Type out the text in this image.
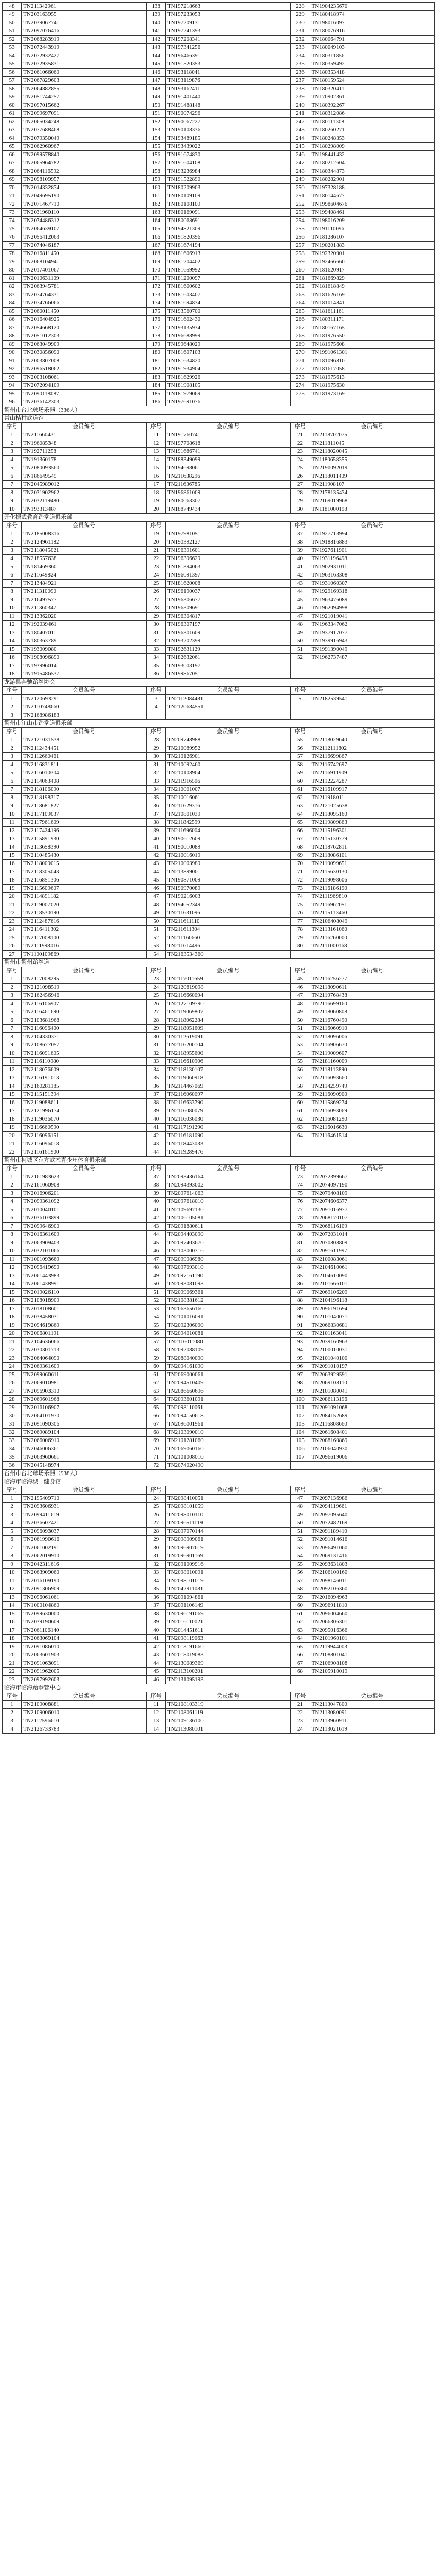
48	TN211342961	138	TN197218663	228	TN1904235670
49	TN203163955	139	TN197233053	229	TN180418974
50	TN2039067741	140	TN197209131	230	TN198016097
51	TN2097076416	141	TN197241393	231	TN180076916
52	TN2068283919	142	TN197208341	232	TN180064791
53	TN2072443919	143	TN197341256	233	TN180049103
54	TN2072932427	144	TN196466391	234	TN180311856
55	TN2072935831	145	TN191520353	235	TN180359492
56	TN2061066060	146	TN193118041	236	TN180353418
57	TN2067829603	147	TN193119876	237	TN180159524
58	TN2064882855	148	TN193162411	238	TN180320411
59	TN2051744257	149	TN191401440	239	TN170902361
60	TN2097015662	150	TN191488148	240	TN180392267
61	TN2099697091	151	TN190074296	241	TN180312086
62	TN2065034248	152	TN190067227	242	TN180111308
63	TN2077688468	153	TN190108336	243	TN180260271
64	TN2079350049	154	TN193489185	244	TN180248353
65	TN2062960967	155	TN193439022	245	TN180298009
66	TN2099578840	156	TN191674830	246	TN198441432
67	TN2065964782	157	TN191604108	247	TN180212604
68	TN2064116592	158	TN193236984	248	TN180344873
69	TN2098109957	159	TN191522890	249	TN180282901
70	TN2014332874	160	TN180209903	250	TN197328188
71	TN2049695190	161	TN180109109	251	TN180144677
72	TN2071467710	162	TN180108109	252	TN1998604676
73	TN2031960110	163	TN180169091	253	TN199408461
74	TN2074486312	164	TN180068691	254	TN198016209
75	TN2064639107	165	TN194821309	255	TN191110096
76	TN2056412063	166	TN191820396	256	TN181286107
77	TN2074046187	167	TN181674194	257	TN190201883
78	TN2016811450	168	TN181606913	258	TN192320901
79	TN2068104941	169	TN181204402	259	TN192466660
80	TN2017401067	170	TN181659992	260	TN181620917
81	TN2010631109	171	TN181200097	261	TN181669829
82	TN2063945781	172	TN181600602	262	TN181618849
83	TN2074764331	173	TN181603407	263	TN181626169
84	TN2074766066	174	TN181694834	264	TN181014841
85	TN2060011450	175	TN193560700	265	TN181611161
86	TN2016404925	176	TN191602430	266	TN180311171
87	TN2054668120	177	TN193135934	267	TN180167165
88	TN2051012303	178	TN196688999	268	TN181976550
89	TN2063049909	179	TN199648029	269	TN181975608
90	TN2030856090	180	TN181607103	270	TN1991061301
91	TN2003807008	181	TN181634820	271	TN181096810
92	TN2096518062	182	TN191934904	272	TN181617058
93	TN2003108061	183	TN181629926	273	TN181975613
94	TN2072094109	184	TN181908105	274	TN181975630
95	TN2090118087	185	TN181979069	275	TN181973169
96	TN2036142303	186	TN197691076		
衢州市台北球场乐器（336人）					
常山桔柑武道馆					
序号	会员编号	序号	会员编号	序号	会员编号
1	TN211660431	11	TN191760741	21	TN2118702075
2	TN196085348	12	TN197708618	22	TN211811045
3	TN192711258	13	TN191686741	23	TN2118020045
4	TN191360178	14	TN188349099	24	TN1180658355
5	TN2080093560	15	TN194698061	25	TN2190092019
6	TN186649549	16	TN211638296	26	TN2118011409
7	TN2045989012	17	TN211636785	27	TN211908107
8	TN2031902962	18	TN196861009	28	TN2178135434
9	TN2032119480	19	TN180063307	29	TN2169019968
10	TN193313487	20	TN188749434	30	TN1181000198
开化振武教育跆拳道俱乐部					
序号	会员编号	序号	会员编号	序号	会员编号
1	TN2185008316	19	TN197981051	37	TN1927713994
2	TN2124961182	20	TN190392127	38	TN1918816883
3	TN2118045021	21	TN196391601	39	TN1927611901
4	TN218557638	22	TN196396629	40	TN1931196498
5	TN181469360	23	TN181394063	41	TN1902931011
6	TN211649824	24	TN196091397	42	TN1963163308
7	TN213484921	25	TN181620008	43	TN1931060307
8	TN211310090	26	TN196190037	44	TN1929169318
9	TN216497577	27	TN196306677	45	TN1963476089
10	TN211360347	28	TN196309691	46	TN1962094998
11	TN213362020	29	TN196304817	47	TN1921019041
12	TN192039461	30	TN196307197	48	TN1963347062
13	TN180407011	31	TN196301609	49	TN1937917077
14	TN180363789	32	TN193202399	50	TN1939916943
15	TN193009080	33	TN192631129	51	TN1991390049
16	TN1908096890	34	TN182632061	52	TN1962737487
17	TN193996014	35	TN193003197		
18	TN1915486537	36	TN199867051		
龙游县奔驰跆拳协会					
序号	会员编号	序号	会员编号	序号	会员编号
1	TN2120693291	3	TN2112084481	5	TN2182539541
2	TN2110748660	4	TN2120684551		
3	TN2168986183				
衢州市江山市跆拳道俱乐部					
序号	会员编号	序号	会员编号	序号	会员编号
1	TN2121031538	28	TN209748988	55	TN2118029640
2	TN2112434451	29	TN210089952	56	TN2112111802
3	TN2112660461	30	TN210126901	57	TN2116699867
4	TN2116831811	31	TN210092460	58	TN2116742697
5	TN2116010304	32	TN210108904	59	TN2116911909
6	TN2114063408	33	TN211916506	60	TN2112224287
7	TN2118106090	34	TN210001007	61	TN2116109917
8	TN2118198317	35	TN210016061	62	TN211918011
9	TN2118681827	36	TN211629316	63	TN2121025638
10	TN2117109037	37	TN210801039	64	TN2118095160
11	TN2117961609	38	TN211842599	65	TN2119809863
12	TN2117424196	39	TN211696004	66	TN2115196301
13	TN2115891930	40	TN190612609	67	TN2115130779
14	TN2113658390	41	TN190010089	68	TN2118762811
15	TN2110485430	42	TN210016019	69	TN2118086101
16	TN2118009015	43	TN210003989	70	TN2119099651
17	TN2118305043	44	TN213899001	71	TN2115630130
18	TN2116851306	45	TN190871009	72	TN2119098606
19	TN2115609607	46	TN190970089	73	TN2116186190
20	TN2114891182	47	TN190216003	74	TN2111969810
21	TN2119007020	48	TN194052349	75	TN2116962051
22	TN2118530190	49	TN211631096	76	TN2115113460
23	TN2112487616	50	TN211611110	77	TN2106408049
24	TN2116411302	51	TN211611304	78	TN2113161060
25	TN2117008100	52	TN211160660	79	TN2116260000
26	TN2111998016	53	TN211614496	80	TN2111000168
27	TN1100109869	54	TN2163534360		
衢州市衢州跆拳道					
序号	会员编号	序号	会员编号	序号	会员编号
1	TN2117008295	23	TN2117011659	45	TN2116256277
2	TN2121098519	24	TN2120819098	46	TN2118090611
3	TN2162456946	25	TN2116660094	47	TN2119768438
4	TN2116106907	26	TN2127109790	48	TN2116699160
5	TN2116461690	27	TN2119069807	49	TN2118060808
6	TN2103681968	28	TN2118062284	50	TN2116760490
7	TN2116096400	29	TN2118051609	51	TN2116060910
8	TN2104330371	30	TN2112619091	52	TN2118096006
9	TN2108677057	31	TN2116200104	53	TN2116906670
10	TN2116091605	32	TN2118955600	54	TN2119009607
11	TN2116110980	33	TN2116610906	55	TN2181160009
12	TN2118076609	34	TN2118130107	56	TN2118113890
13	TN2116191013	35	TN2119060918	57	TN2116093660
14	TN2160281185	36	TN2114467069	58	TN2114259749
15	TN2115151394	37	TN2116060097	59	TN2116090900
16	TN2119088611	38	TN2116633790	60	TN2115869274
17	TN2121996174	39	TN2116080079	61	TN2116093069
18	TN2119036070	40	TN2116036030	62	TN2116081290
19	TN2116660590	41	TN2117191290	63	TN2116016630
20	TN2116096151	42	TN2116181090	64	TN2116461514
21	TN2116096018	43	TN2118443033		
22	TN2116161900	44	TN2119289476		
衢州市柯城区东方武术青少年体育俱乐部					
序号	会员编号	序号	会员编号	序号	会员编号
1	TN2161983623	37	TN2093436164	73	TN2072399667
2	TN2161060908	38	TN2094393002	74	TN2074097190
3	TN2016906201	39	TN2097614063	75	TN2079408109
4	TN2099361092	40	TN2097618010	76	TN2074606377
5	TN2010040101	41	TN2109697130	77	TN2091016977
6	TN2036103899	42	TN2106105081	78	TN2068170107
7	TN2099646900	43	TN2091880611	79	TN2068116109
8	TN2016361609	44	TN2094403090	80	TN2072031014
9	TN2063909403	45	TN2097403670	81	TN2070808809
10	TN2032101066	46	TN2103000316	82	TN2091611997
11	TN1001093669	47	TN2099986980	83	TN2100083061
12	TN2096419690	48	TN2097093010	84	TN2104610061
13	TN2061443983	49	TN2097161190	85	TN2104610090
14	TN2061438991	50	TN2093081093	86	TN2101666101
15	TN2019026110	51	TN2099069361	87	TN2069106209
16	TN2108018909	52	TN2108381612	88	TN2104196118
17	TN2018108601	53	TN2063656160	89	TN2096191694
18	TN2038458031	54	TN2101016091	90	TN2101040071
19	TN2094619869	55	TN2092306090	91	TN2066830681
20	TN2006801191	56	TN2094010081	92	TN2101163041
21	TN2104636066	57	TN2116011080	93	TN2039160963
22	TN2030301713	58	TN2092088109	94	TN2100010031
23	TN2064064090	59	TN2088040090	95	TN2101040100
24	TN2069361609	60	TN2094161090	96	TN2091010197
25	TN2099060611	61	TN2069000061	97	TN2063929591
26	TN2069010981	62	TN2094510409	98	TN2069108110
27	TN2096903310	63	TN2086660696	99	TN2101080041
28	TN2069601968	64	TN2093601091	100	TN2086113196
29	TN2016106907	65	TN2098110061	101	TN2091091068
30	TN2064101970	66	TN2094150618	102	TN2084152689
31	TN2091090306	67	TN2096001961	103	TN2116808660
32	TN2069089104	68	TN2103090010	104	TN2061608401
33	TN2066006910	69	TN2101281060	105	TN2088160869
34	TN2046006361	70	TN2069060160	106	TN2106040930
35	TN2063960661	71	TN2101008010	107	TN2096619006
36	TN2045148974	72	TN2074020490		
台州市台北球场乐器（938人）					
临海市临海城山健身馆					
序号	会员编号	序号	会员编号	序号	会员编号
1	TN2195409710	24	TN2098410051	47	TN2097136986
2	TN2093606931	25	TN2098101059	48	TN2094119661
3	TN2099411619	26	TN2098010110	49	TN2097095640
4	TN2036607421	27	TN2096511119	50	TN2072482169
5	TN2096093037	28	TN2097070144	51	TN2091189410
6	TN2061990616	29	TN2098909061	52	TN2091014616
7	TN2061002191	30	TN2096907619	53	TN2096491060
8	TN2062019910	31	TN2096901169	54	TN2069131416
9	TN2042311616	32	TN2091009916	55	TN2093631803
10	TN2063909060	33	TN2098010091	56	TN2106100160
11	TN2016109190	34	TN2098101019	57	TN2098146011
12	TN2091306909	35	TN2042911081	58	TN2092106360
13	TN2096061061	36	TN2091094861	59	TN2016094963
14	TN1000104860	37	TN2091106149	60	TN2096911810
15	TN2099630000	38	TN2096191069	61	TN2096004660
16	TN2039190609	39	TN2016110021	62	TN2066306301
17	TN2061106140	40	TN2014451611	63	TN2095016366
18	TN2063069104	41	TN2098119063	64	TN2101960101
19	TN2091086010	42	TN2013191660	65	TN2119944003
20	TN2063601903	43	TN2018019083	66	TN2108801041
21	TN2091063091	44	TN2130089369	67	TN2106908108
22	TN2091962005	45	TN2113100201	68	TN2105910019
23	TN2097992603	46	TN2131095193		
临海市临海跆拳管中心					
序号	会员编号	序号	会员编号	序号	会员编号
1	TN2109008881	11	TN2108103319	21	TN2113047800
2	TN2109006010	12	TN2108061119	22	TN2113080091
3	TN2112596610	13	TN2109136100	23	TN2113960911
4	TN2126733783	14	TN2113080101	24	TN2113021619
